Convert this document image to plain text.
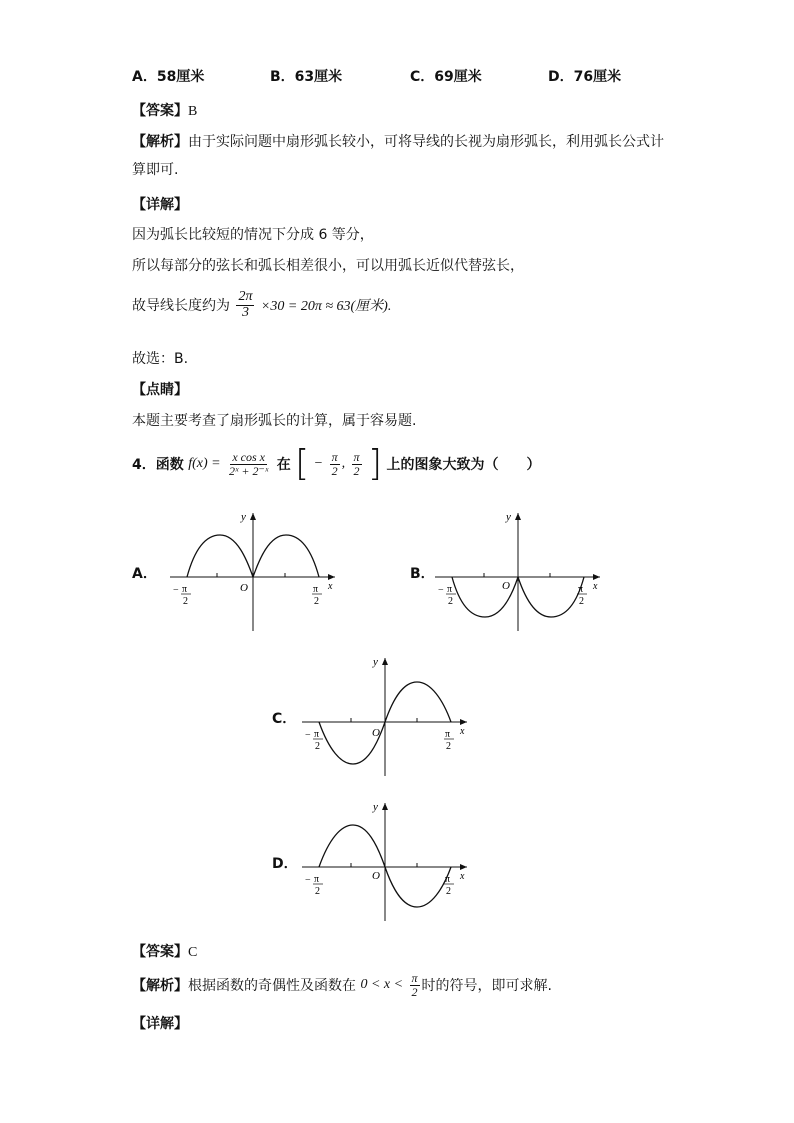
A．58厘米	B．63厘米	C．69厘米	D．76厘米
【答案】B
【解析】由于实际问题中扇形弧长较小，可将导线的长视为扇形弧长，利用弧长公式计
算即可.
【详解】
因为弧长比较短的情况下分成 6 等分，
所以每部分的弦长和弧长相差很小，可以用弧长近似代替弦长，
故导线长度约为 $\frac{2\pi}{3} \times 30 = 20\pi \approx 63$(厘米).
故选：B.
【点睛】
本题主要考查了扇形弧长的计算，属于容易题.
4．函数 $f(x) = \frac{\text{x cos x}}{\text{2ˣ + 2⁻ˣ}}$ 在 [ − $\frac{\pi}{2}$ , $\frac{\pi}{2}$ ] 上的图象大致为（　　）
A．
y
x
O
− π
2
π
2
B．
y
x
O
− π
2
π
2
C．
y
x
O
− π
2
π
2
D．
y
x
O
− π
2
π
2
【答案】C
【解析】根据函数的奇偶性及函数在 $0 < x < \frac{\pi}{2}$ 时的符号，即可求解.
【详解】
